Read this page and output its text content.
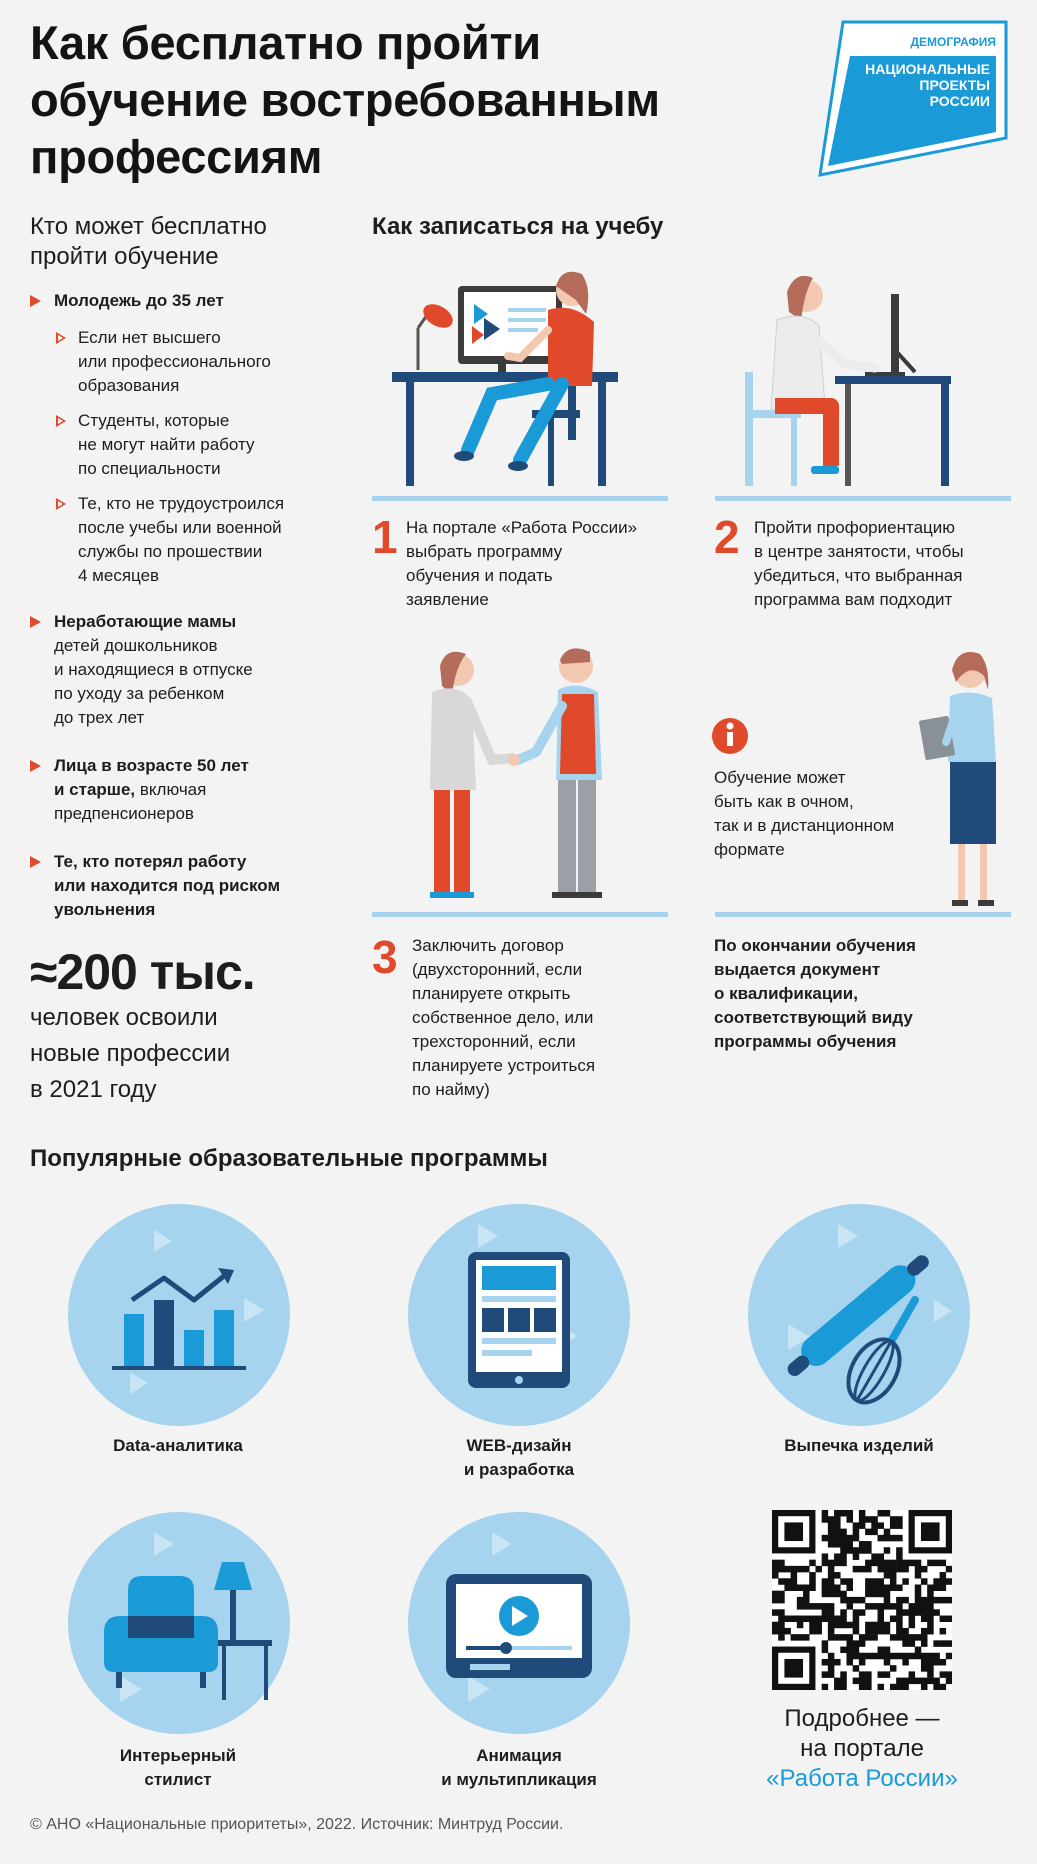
Как бесплатно пройти
обучение востребованным
профессиям
ДЕМОГРАФИЯ
НАЦИОНАЛЬНЫЕ
ПРОЕКТЫ
РОССИИ
Кто может бесплатно
пройти обучение
Молодежь до 35 лет
Если нет высшего
или профессионального
образования
Студенты, которые
не могут найти работу
по специальности
Те, кто не трудоустроился
после учебы или военной
службы по прошествии
4 месяцев
Неработающие мамы
детей дошкольников
и находящиеся в отпуске
по уходу за ребенком
до трех лет
Лица в возрасте 50 лет
и старше, включая
предпенсионеров
Те, кто потерял работу
или находится под риском
увольнения
≈200 тыс.
человек освоили
новые профессии
в 2021 году
Как записаться на учебу
1 На портале «Работа России»
выбрать программу
обучения и подать
заявление
2 Пройти профориентацию
в центре занятости, чтобы
убедиться, что выбранная
программа вам подходит
Обучение может
быть как в очном,
так и в дистанционном
формате
3 Заключить договор
(двухсторонний, если
планируете открыть
собственное дело, или
трехсторонний, если
планируете устроиться
по найму)
По окончании обучения
выдается документ
о квалификации,
соответствующий виду
программы обучения
Популярные образовательные программы
Data-аналитика	WEB-дизайн
и разработка
Выпечка изделий
Интерьерный
стилист
Анимация
и мультипликация
Подробнее —
на портале
«Работа России»
© АНО «Национальные приоритеты», 2022. Источник: Минтруд России.
